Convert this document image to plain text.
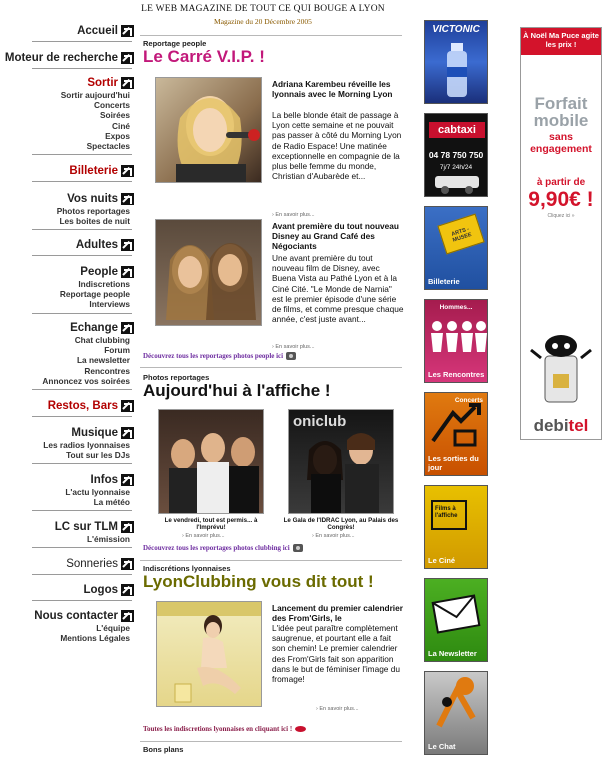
LE WEB MAGAZINE DE TOUT CE QUI BOUGE A LYON
Magazine du 20 Décembre 2005
Accueil
Moteur de recherche
Sortir
Sortir aujourd'hui
Concerts
Soirées
Ciné
Expos
Spectacles
Billeterie
Vos nuits
Photos reportages
Les boites de nuit
Adultes
People
Indiscretions
Reportage people
Interviews
Echange
Chat clubbing
Forum
La newsletter
Rencontres
Annoncez vos soirées
Restos, Bars
Musique
Les radios lyonnaises
Tout sur les DJs
Infos
L'actu lyonnaise
La météo
LC sur TLM
L'émission
Sonneries
Logos
Nous contacter
L'équipe
Mentions Légales
Reportage people
Le Carré V.I.P. !
Adriana Karembeu réveille les lyonnais avec le Morning Lyon
La belle blonde était de passage à Lyon cette semaine et ne pouvait pas passer à côté du Morning Lyon de Radio Espace! Une matinée exceptionnelle en compagnie de la plus belle femme du monde, Christian d'Aubarède et...
› En savoir plus...
Avant première du tout nouveau Disney au Grand Café des Négociants
Une avant première du tout nouveau film de Disney, avec Buena Vista au Pathé Lyon et à la Ciné Cité. "Le Monde de Narnia" est le premier épisode d'une série de films, et comme presque chaque année, c'est juste avant...
› En savoir plus...
Découvrez tous les reportages photos people ici
Photos reportages
Aujourd'hui à l'affiche !
Le vendredi, tout est permis... à l'Imprévu!
› En savoir plus...
oniclub
Le Gala de l'IDRAC Lyon, au Palais des Congrès!
› En savoir plus...
Découvrez tous les reportages photos clubbing ici
Indiscrétions lyonnaises
LyonClubbing vous dit tout !
Lancement du premier calendrier des From'Girls, le
L'idée peut paraître complètement saugrenue, et pourtant elle a fait son chemin! Le premier calendrier des From'Girls fait son apparition dans le but de féminiser l'image du fromage!
› En savoir plus...
Toutes les indiscretions lyonnaises en cliquant ici !
Bons plans
VICTONIC
cabtaxi
04 78 750 750
7j/7 24h/24
ARTS - MUSEE
Billeterie
Hommes...
Les Rencontres
Concerts
Les sorties du jour
Films à l'affiche
Le Ciné
La Newsletter
Le Chat
À Noël Ma Puce agite les prix !
Forfait mobile
sans engagement
à partir de
9,90€ !
Cliquez ici »
debitel
